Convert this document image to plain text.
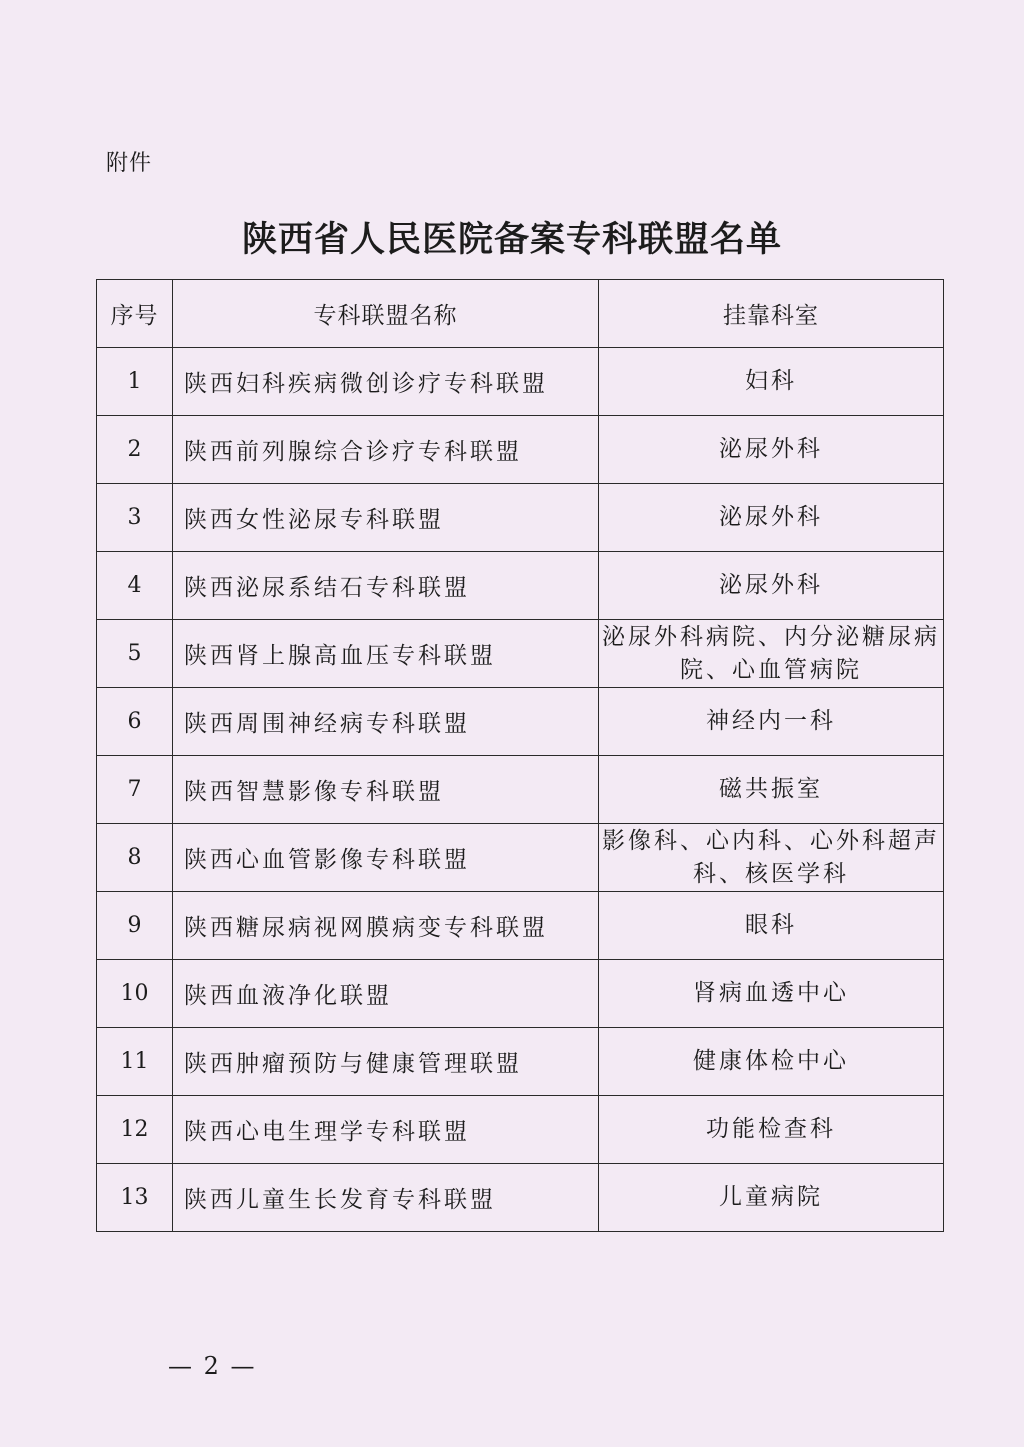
附件
陕西省人民医院备案专科联盟名单
序号	专科联盟名称	挂靠科室
1	陕西妇科疾病微创诊疗专科联盟	妇科
2	陕西前列腺综合诊疗专科联盟	泌尿外科
3	陕西女性泌尿专科联盟	泌尿外科
4	陕西泌尿系结石专科联盟	泌尿外科
5	陕西肾上腺高血压专科联盟	泌尿外科病院、内分泌糖尿病院、心血管病院
6	陕西周围神经病专科联盟	神经内一科
7	陕西智慧影像专科联盟	磁共振室
8	陕西心血管影像专科联盟	影像科、心内科、心外科超声科、核医学科
9	陕西糖尿病视网膜病变专科联盟	眼科
10	陕西血液净化联盟	肾病血透中心
11	陕西肿瘤预防与健康管理联盟	健康体检中心
12	陕西心电生理学专科联盟	功能检查科
13	陕西儿童生长发育专科联盟	儿童病院
— 2 —
